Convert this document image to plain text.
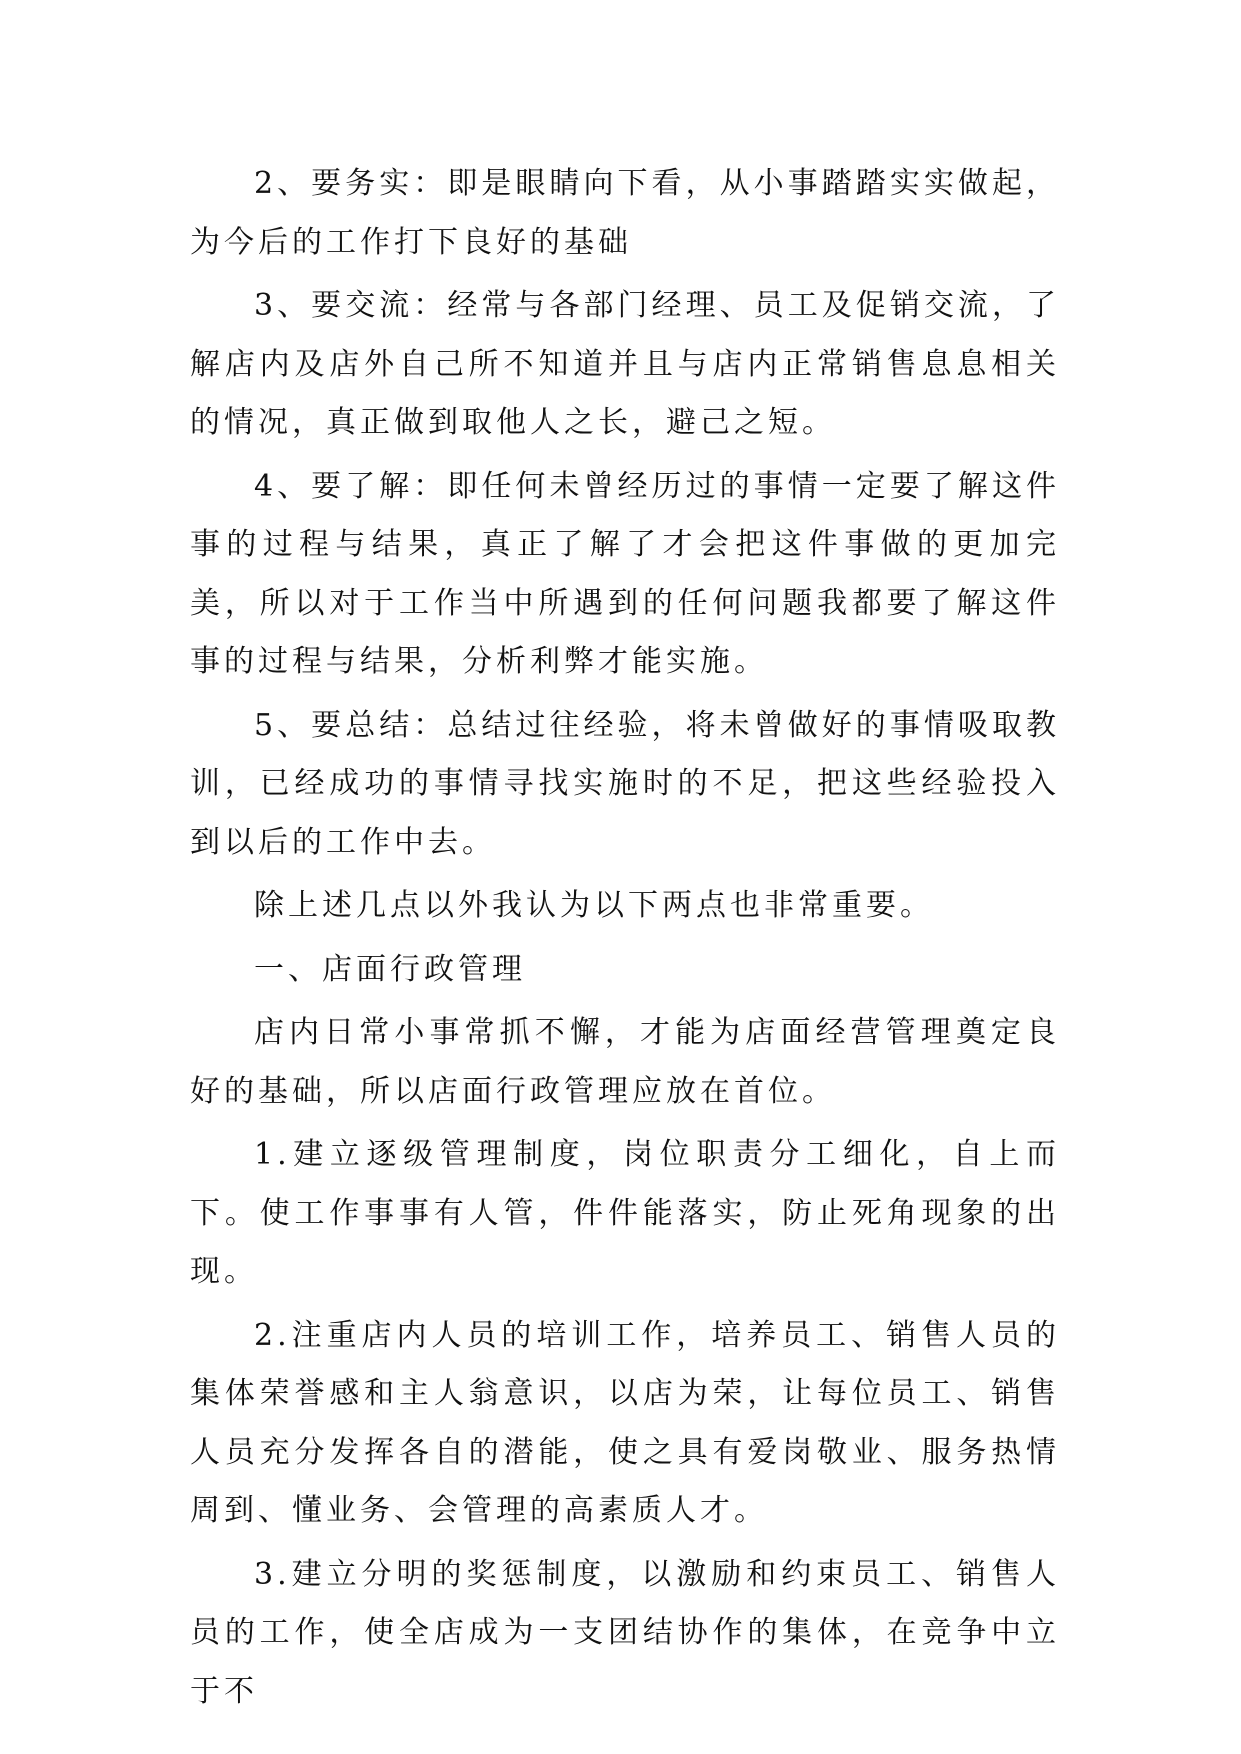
2、要务实：即是眼睛向下看，从小事踏踏实实做起，为今后的工作打下良好的基础

3、要交流：经常与各部门经理、员工及促销交流，了解店内及店外自己所不知道并且与店内正常销售息息相关的情况，真正做到取他人之长，避己之短。

4、要了解：即任何未曾经历过的事情一定要了解这件事的过程与结果，真正了解了才会把这件事做的更加完美，所以对于工作当中所遇到的任何问题我都要了解这件事的过程与结果，分析利弊才能实施。

5、要总结：总结过往经验，将未曾做好的事情吸取教训，已经成功的事情寻找实施时的不足，把这些经验投入到以后的工作中去。

除上述几点以外我认为以下两点也非常重要。

一、店面行政管理

店内日常小事常抓不懈，才能为店面经营管理奠定良好的基础，所以店面行政管理应放在首位。

1.建立逐级管理制度，岗位职责分工细化，自上而下。使工作事事有人管，件件能落实，防止死角现象的出现。

2.注重店内人员的培训工作，培养员工、销售人员的集体荣誉感和主人翁意识，以店为荣，让每位员工、销售人员充分发挥各自的潜能，使之具有爱岗敬业、服务热情周到、懂业务、会管理的高素质人才。

3.建立分明的奖惩制度，以激励和约束员工、销售人员的工作，使全店成为一支团结协作的集体，在竞争中立于不
